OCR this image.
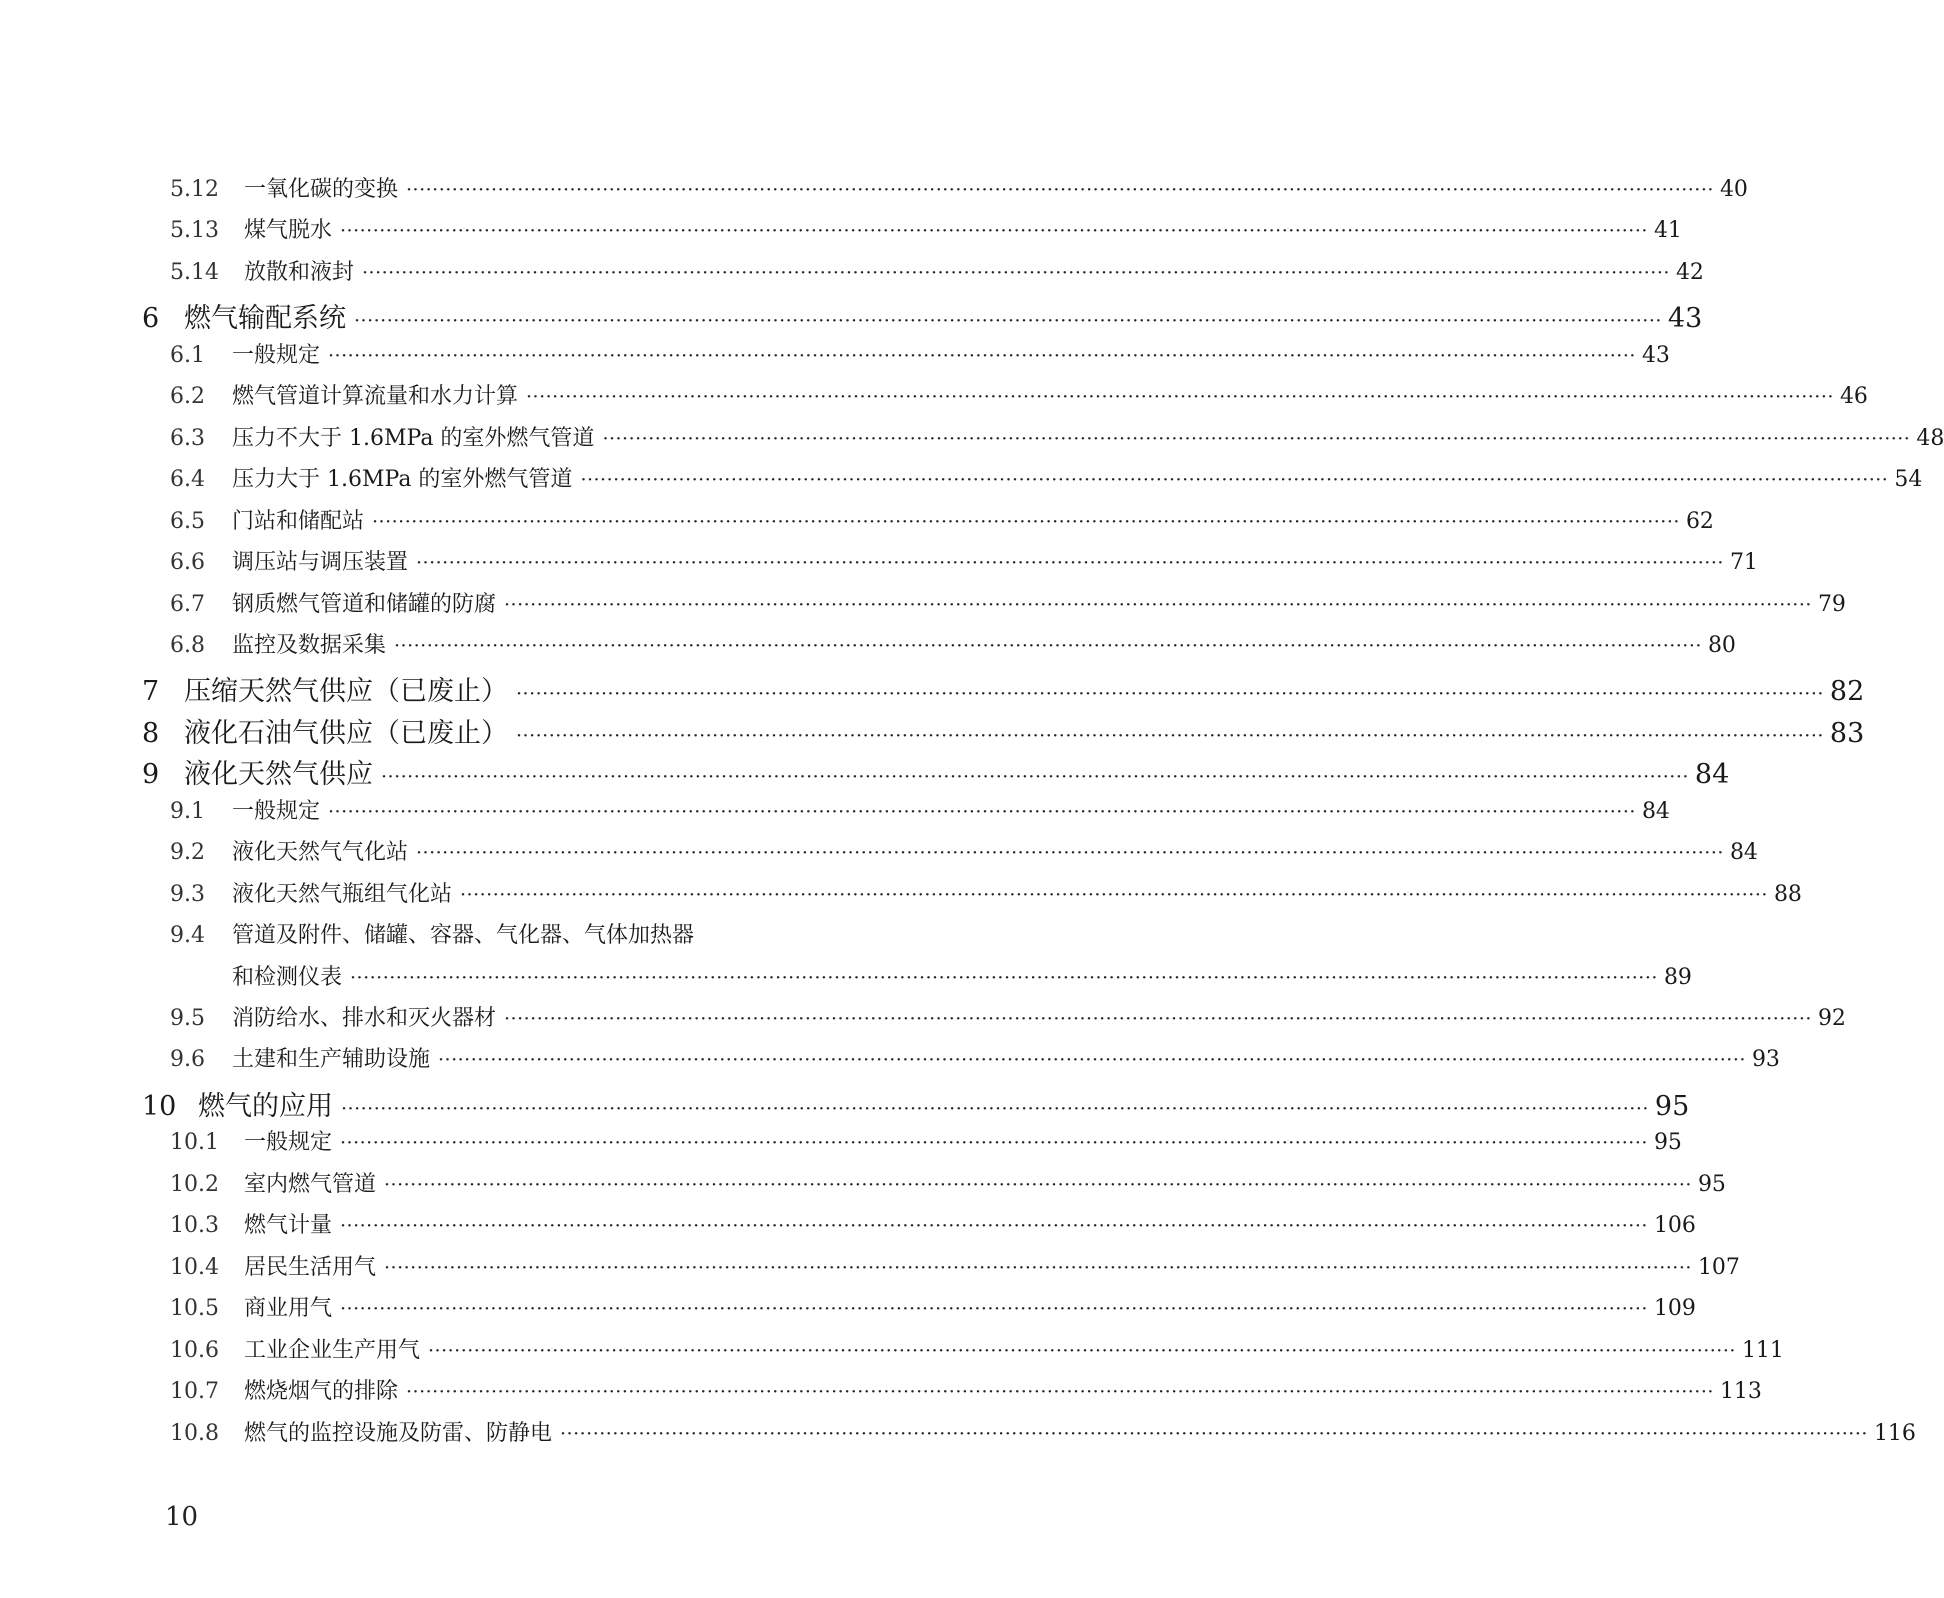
5.12	一氧化碳的变换 ········································································································································································································ 40
5.13	煤气脱水 ········································································································································································································ 41
5.14	放散和液封 ········································································································································································································ 42
6 燃气输配系统 ········································································································································································································ 43
6.1	一般规定 ········································································································································································································ 43
6.2	燃气管道计算流量和水力计算 ········································································································································································································ 46
6.3	压力不大于 1.6MPa 的室外燃气管道 ········································································································································································································ 48
6.4	压力大于 1.6MPa 的室外燃气管道 ········································································································································································································ 54
6.5	门站和储配站 ········································································································································································································ 62
6.6	调压站与调压装置 ········································································································································································································ 71
6.7	钢质燃气管道和储罐的防腐 ········································································································································································································ 79
6.8	监控及数据采集 ········································································································································································································ 80
7 压缩天然气供应（已废止） ········································································································································································································ 82
8 液化石油气供应（已废止） ········································································································································································································ 83
9 液化天然气供应 ········································································································································································································ 84
9.1	一般规定 ········································································································································································································ 84
9.2	液化天然气气化站 ········································································································································································································ 84
9.3	液化天然气瓶组气化站 ········································································································································································································ 88
9.4	管道及附件、储罐、容器、气化器、气体加热器
和检测仪表 ········································································································································································································ 89
9.5	消防给水、排水和灭火器材 ········································································································································································································ 92
9.6	土建和生产辅助设施 ········································································································································································································ 93
10 燃气的应用 ········································································································································································································ 95
10.1	一般规定 ········································································································································································································ 95
10.2	室内燃气管道 ········································································································································································································ 95
10.3	燃气计量 ········································································································································································································ 106
10.4	居民生活用气 ········································································································································································································ 107
10.5	商业用气 ········································································································································································································ 109
10.6	工业企业生产用气 ········································································································································································································ 111
10.7	燃烧烟气的排除 ········································································································································································································ 113
10.8	燃气的监控设施及防雷、防静电 ········································································································································································································ 116
10
